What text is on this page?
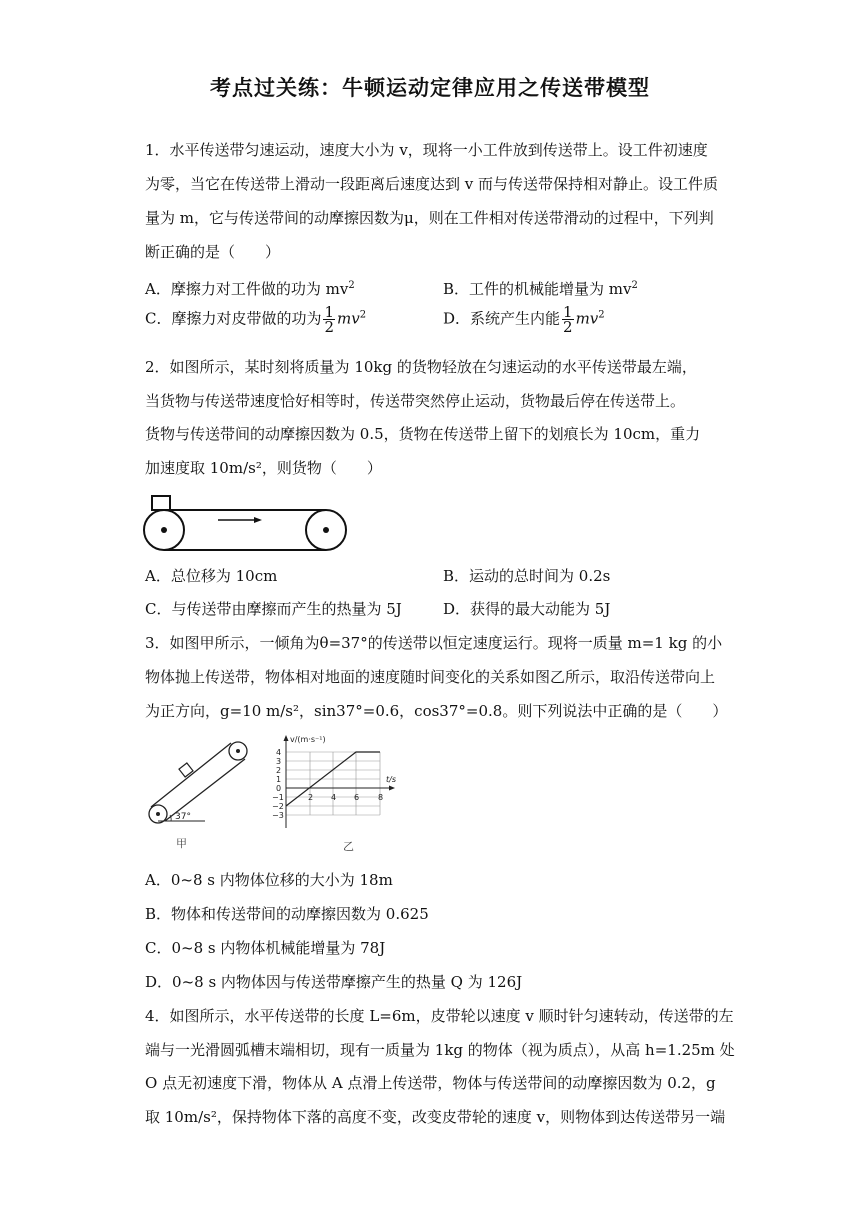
考点过关练：牛顿运动定律应用之传送带模型
1．水平传送带匀速运动，速度大小为 v，现将一小工件放到传送带上。设工件初速度
为零，当它在传送带上滑动一段距离后速度达到 v 而与传送带保持相对静止。设工件质
量为 m，它与传送带间的动摩擦因数为μ，则在工件相对传送带滑动的过程中，下列判
断正确的是（　　）
A．摩擦力对工件做的功为 $mv^2$	B．工件的机械能增量为 $mv^2$
C．摩擦力对皮带做的功为 $\frac{1}{2} mv^2$	D．系统产生内能 $\frac{1}{2} mv^2$
2．如图所示，某时刻将质量为 10kg 的货物轻放在匀速运动的水平传送带最左端，
当货物与传送带速度恰好相等时，传送带突然停止运动，货物最后停在传送带上。
货物与传送带间的动摩擦因数为 0.5，货物在传送带上留下的划痕长为 10cm，重力
加速度取 10m/s²，则货物（　　）
A．总位移为 10cm	B．运动的总时间为 0.2s
C．与传送带由摩擦而产生的热量为 5J	D．获得的最大动能为 5J
3．如图甲所示，一倾角为θ=37°的传送带以恒定速度运行。现将一质量 m=1 kg 的小
物体抛上传送带，物体相对地面的速度随时间变化的关系如图乙所示，取沿传送带向上
为正方向，g=10 m/s²，sin37°=0.6，cos37°=0.8。则下列说法中正确的是（　　）
37°
甲
v/(m·s⁻¹)
4
3
2
1
0
−1
−2
−3
2 4 6 8
t/s
乙
A．0~8 s 内物体位移的大小为 18m
B．物体和传送带间的动摩擦因数为 0.625
C．0~8 s 内物体机械能增量为 78J
D．0~8 s 内物体因与传送带摩擦产生的热量 Q 为 126J
4．如图所示，水平传送带的长度 L=6m，皮带轮以速度 v 顺时针匀速转动，传送带的左
端与一光滑圆弧槽末端相切，现有一质量为 1kg 的物体（视为质点），从高 h=1.25m 处
O 点无初速度下滑，物体从 A 点滑上传送带，物体与传送带间的动摩擦因数为 0.2，g
取 10m/s²，保持物体下落的高度不变，改变皮带轮的速度 v，则物体到达传送带另一端
